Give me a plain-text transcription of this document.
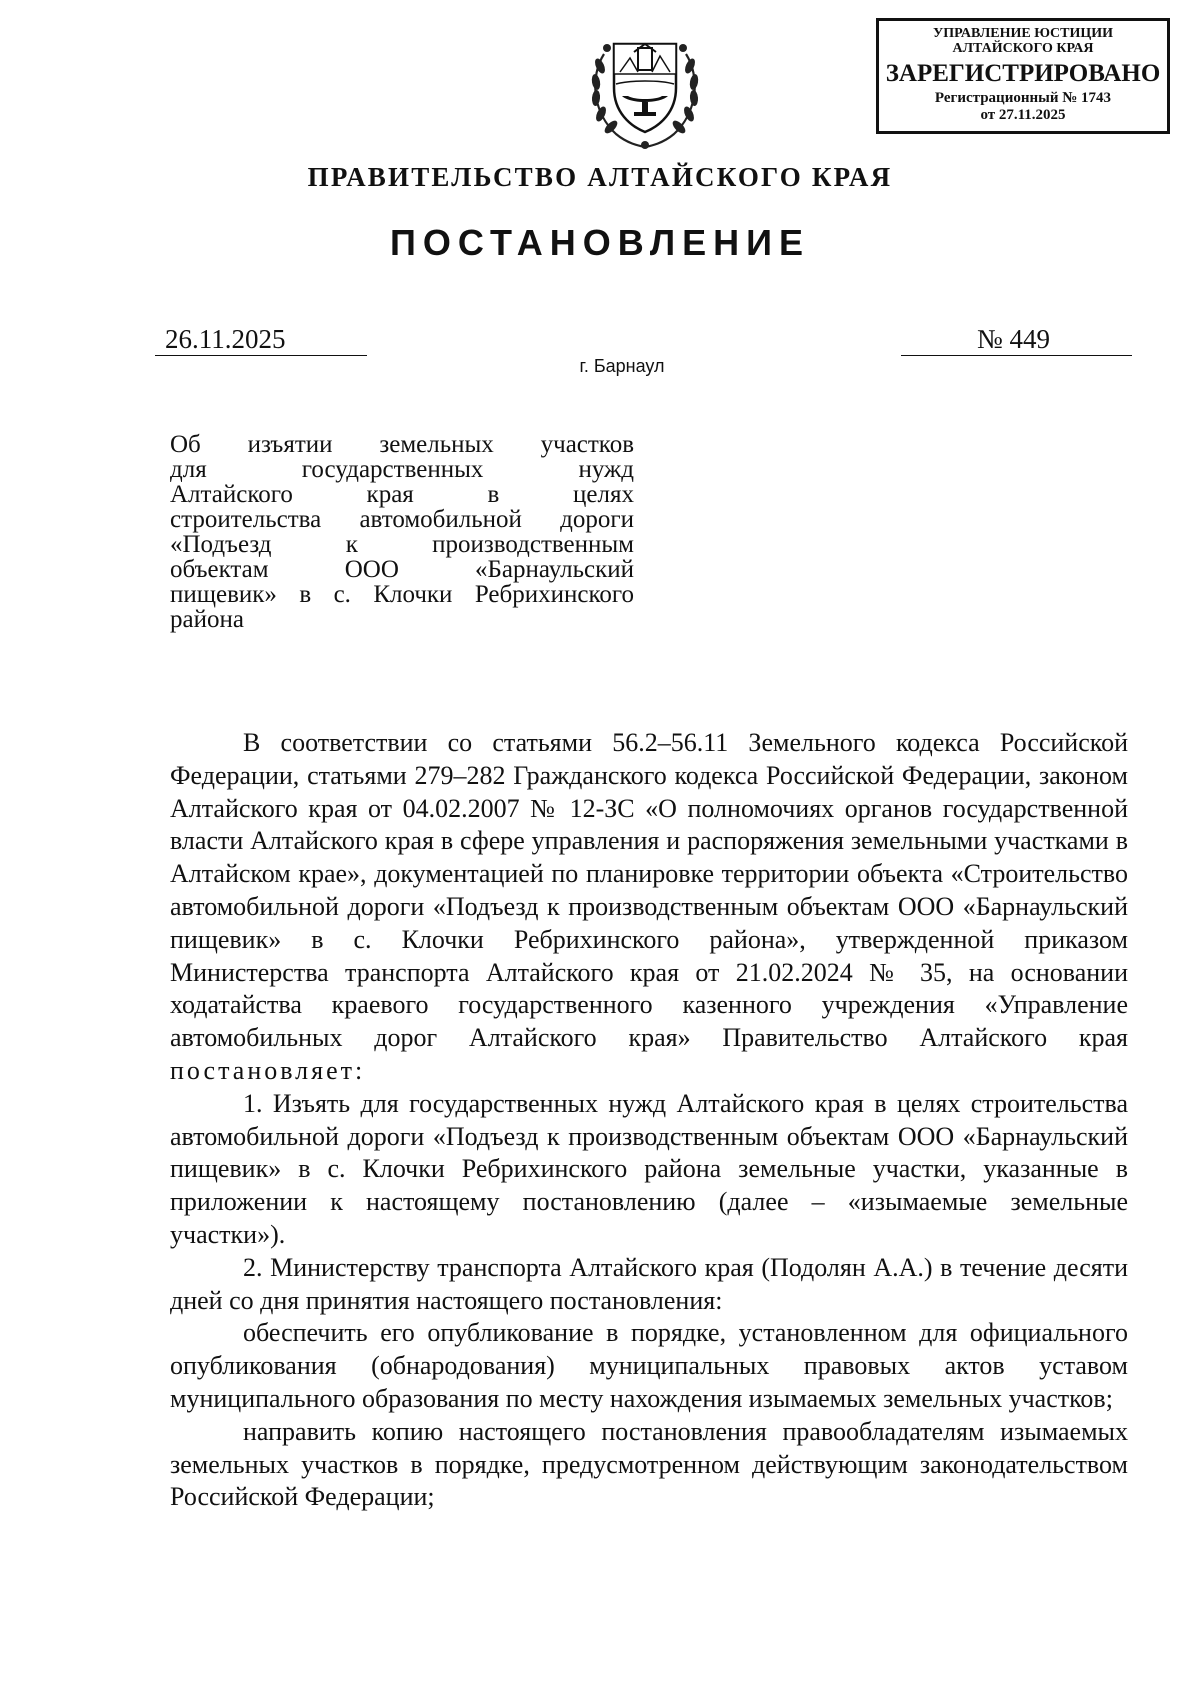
УПРАВЛЕНИЕ ЮСТИЦИИ
АЛТАЙСКОГО КРАЯ
ЗАРЕГИСТРИРОВАНО
Регистрационный № 1743
от 27.11.2025
ПРАВИТЕЛЬСТВО АЛТАЙСКОГО КРАЯ
ПОСТАНОВЛЕНИЕ
26.11.2025	№ 449
г. Барнаул
Об изъятии земельных участков
для государственных нужд
Алтайского края в целях
строительства автомобильной дороги
«Подъезд к производственным
объектам ООО «Барнаульский
пищевик» в с. Клочки Ребрихинского
района

В соответствии со статьями 56.2–56.11 Земельного кодекса Российской Федерации, статьями 279–282 Гражданского кодекса Российской Федерации, законом Алтайского края от 04.02.2007 № 12-ЗС «О полномочиях органов государственной власти Алтайского края в сфере управления и распоряжения земельными участками в Алтайском крае», документацией по планировке территории объекта «Строительство автомобильной дороги «Подъезд к производственным объектам ООО «Барнаульский пищевик» в с. Клочки Ребрихинского района», утвержденной приказом Министерства транспорта Алтайского края от 21.02.2024 № 35, на основании ходатайства краевого государственного казенного учреждения «Управление автомобильных дорог Алтайского края» Правительство Алтайского края постановляет:

1. Изъять для государственных нужд Алтайского края в целях строительства автомобильной дороги «Подъезд к производственным объектам ООО «Барнаульский пищевик» в с. Клочки Ребрихинского района земельные участки, указанные в приложении к настоящему постановлению (далее – «изымаемые земельные участки»).

2. Министерству транспорта Алтайского края (Подолян А.А.) в течение десяти дней со дня принятия настоящего постановления:

обеспечить его опубликование в порядке, установленном для официального опубликования (обнародования) муниципальных правовых актов уставом муниципального образования по месту нахождения изымаемых земельных участков;

направить копию настоящего постановления правообладателям изымаемых земельных участков в порядке, предусмотренном действующим законодательством Российской Федерации;
